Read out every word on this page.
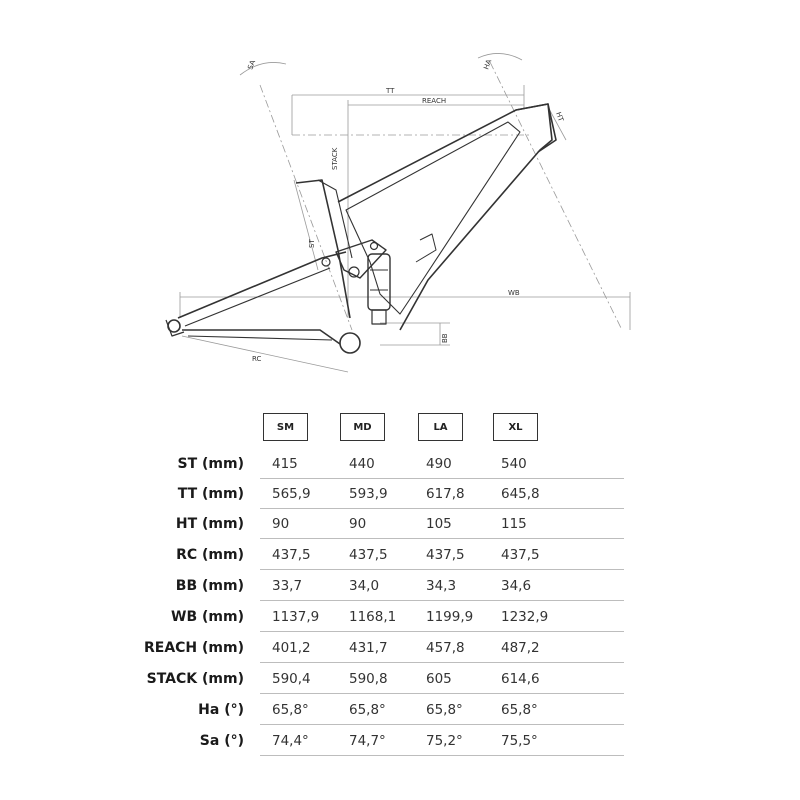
TT
REACH
STACK
ST
HT
WB
RC
BB
SA	HA
SM	MD	LA	XL
ST (mm) 415	440	490	540
TT (mm) 565,9	593,9	617,8	645,8
HT (mm) 90	90	105	115
RC (mm) 437,5	437,5	437,5	437,5
BB (mm) 33,7	34,0	34,3	34,6
WB (mm) 1137,9 1168,1 1199,9 1232,9
REACH (mm) 401,2	431,7	457,8	487,2
STACK (mm) 590,4	590,8	605	614,6
Ha (°) 65,8°	65,8°	65,8°	65,8°
Sa (°) 74,4°	74,7°	75,2°	75,5°
